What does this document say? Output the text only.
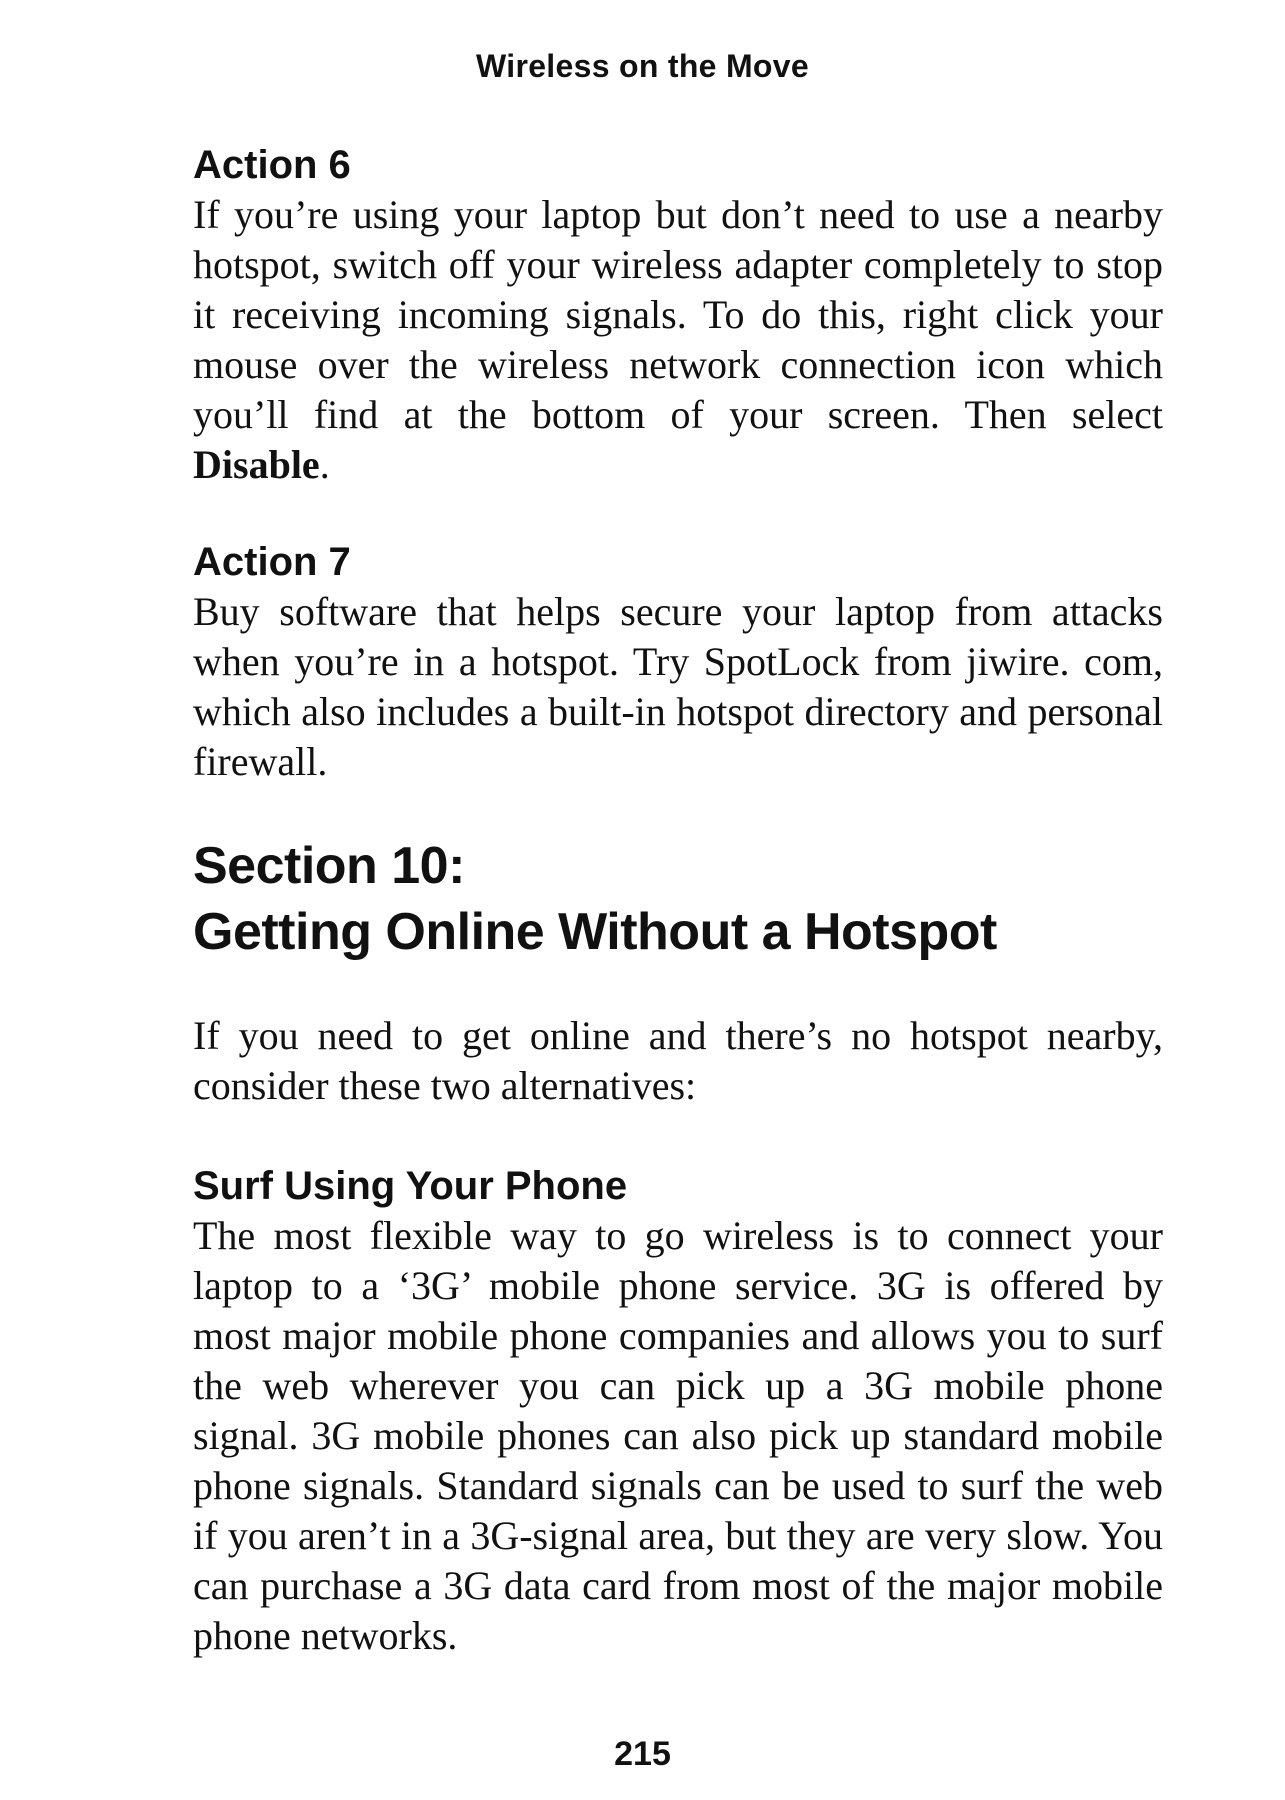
Wireless on the Move

Action 6

If you’re using your laptop but don’t need to use a nearby hotspot, switch off your wireless adapter completely to stop it receiving incoming signals. To do this, right click your mouse over the wireless network connection icon which you’ll find at the bottom of your screen. Then select Disable.

Action 7

Buy software that helps secure your laptop from attacks when you’re in a hotspot. Try SpotLock from jiwire. com, which also includes a built-in hotspot directory and personal firewall.

Section 10:
Getting Online Without a Hotspot

If you need to get online and there’s no hotspot nearby, consider these two alternatives:

Surf Using Your Phone

The most flexible way to go wireless is to connect your laptop to a ‘3G’ mobile phone service. 3G is offered by most major mobile phone companies and allows you to surf the web wherever you can pick up a 3G mobile phone signal. 3G mobile phones can also pick up standard mobile phone signals. Standard signals can be used to surf the web if you aren’t in a 3G-signal area, but they are very slow. You can purchase a 3G data card from most of the major mobile phone networks.

215
